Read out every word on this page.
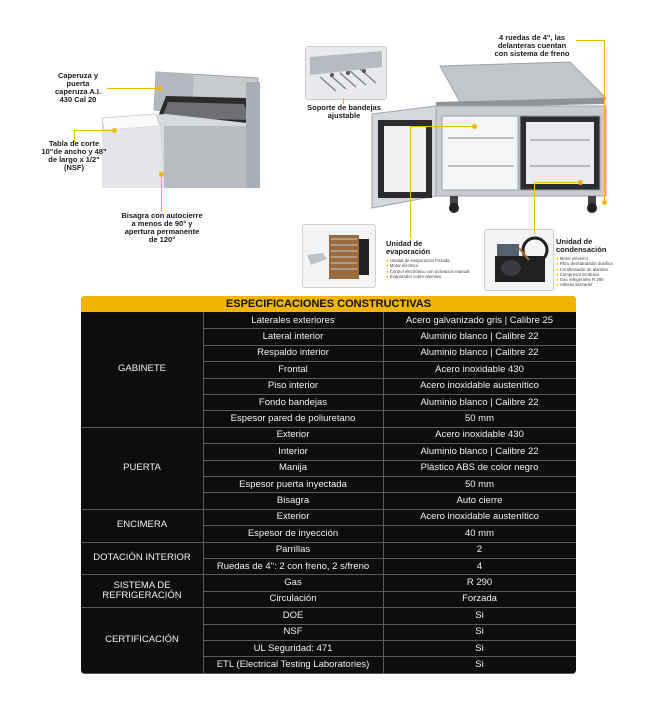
Caperuza y
puerta
caperuza A.I.
430 Cal 20
Tabla de corte
10"de ancho y 48"
de largo x 1/2"
(NSF)
Bisagra con autocierre
a menos de 90° y
apertura permanente
de 120°
Soporte de bandejas
ajustable
4 ruedas de 4", las
delanteras cuentan
con sistema de freno
Unidad de
evaporación
Unidad de
condensación
● Unidad de evaporación forzada
● Motor eléctrico
● Control electrónico con activación manual
● Evaporador cobre-aluminio
● Motor eléctrico
● Filtro deshidratador dosifica
● Condensador de alambre
● Compresor Embraco
● Gas refrigerante R 290
● Válvula Schrader
ESPECIFICACIONES CONSTRUCTIVAS
GABINETE
Laterales exteriores	Acero galvanizado gris | Calibre 25
Lateral interior	Aluminio blanco | Calibre 22
Respaldo interior	Aluminio blanco | Calibre 22
Frontal	Acero inoxidable 430
Piso interior	Acero inoxidable austenítico
Fondo bandejas	Aluminio blanco | Calibre 22
Espesor pared de poliuretano	50 mm
PUERTA
Exterior	Acero inoxidable 430
Interior	Aluminio blanco | Calibre 22
Manija	Plástico ABS de color negro
Espesor puerta inyectada	50 mm
Bisagra	Auto cierre
ENCIMERA
Exterior	Acero inoxidable austenítico
Espesor de inyección	40 mm
DOTACIÓN INTERIOR
Parrillas	2
Ruedas de 4": 2 con freno, 2 s/freno	4
SISTEMA DE
REFRIGERACIÓN
Gas	R 290
Circulación	Forzada
CERTIFICACIÓN
DOE	Si
NSF	Si
UL Seguridad: 471	Si
ETL (Electrical Testing Laboratories)	Si
